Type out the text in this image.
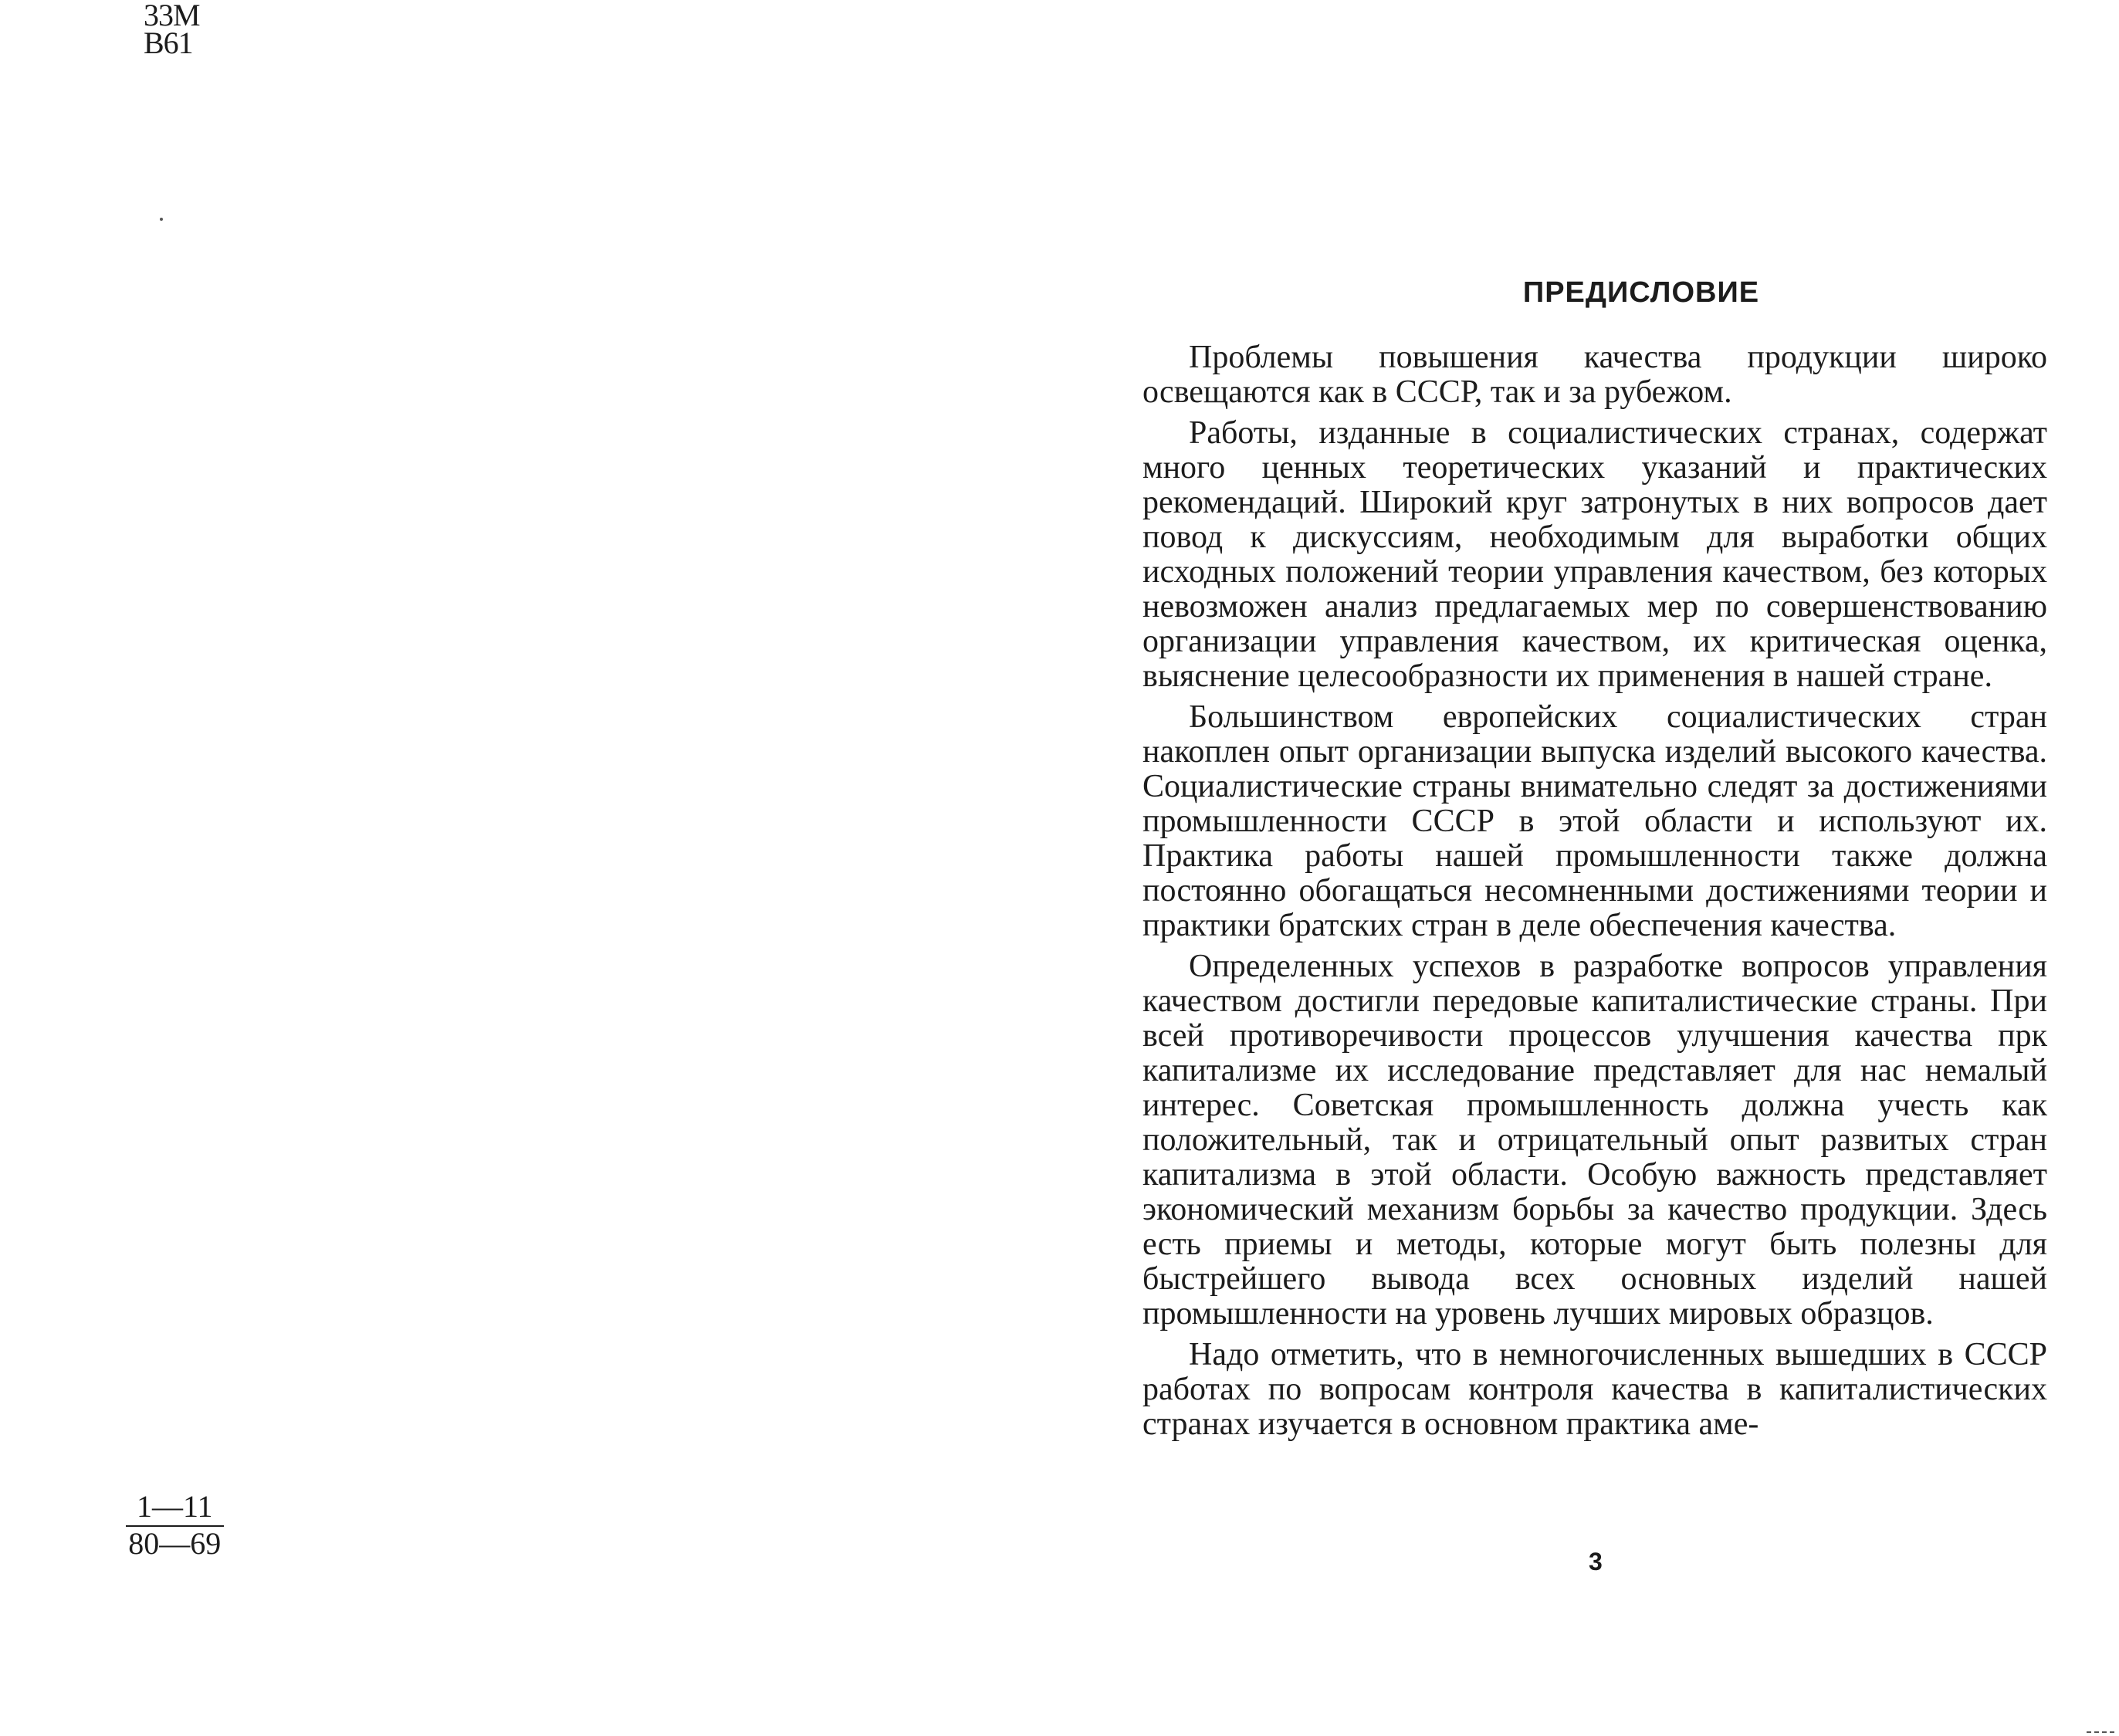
33M
B61
$\frac{1—11}{80—69}$
ПРЕДИСЛОВИЕ

Проблемы повышения качества продукции широко освещаются как в СССР, так и за рубежом.

Работы, изданные в социалистических странах, содержат много ценных теоретических указаний и практических рекомендаций. Широкий круг затронутых в них вопросов дает повод к дискуссиям, необходимым для выработки общих исходных положений теории управления качеством, без которых невозможен анализ предлагаемых мер по совершенствованию организации управления качеством, их критическая оценка, выяснение целесообразности их применения в нашей стране.

Большинством европейских социалистических стран накоплен опыт организации выпуска изделий высокого качества. Социалистические страны внимательно следят за достижениями промышленности СССР в этой области и используют их. Практика работы нашей промышленности также должна постоянно обогащаться несомненными достижениями теории и практики братских стран в деле обеспечения качества.

Определенных успехов в разработке вопросов управления качеством достигли передовые капиталистические страны. При всей противоречивости процессов улучшения качества прк капитализме их исследование представляет для нас немалый интерес. Советская промышленность должна учесть как положительный, так и отрицательный опыт развитых стран капитализма в этой области. Особую важность представляет экономический механизм борьбы за качество продукции. Здесь есть приемы и методы, которые могут быть полезны для быстрейшего вывода всех основных изделий нашей промышленности на уровень лучших мировых образцов.

Надо отметить, что в немногочисленных вышедших в СССР работах по вопросам контроля качества в капиталистических странах изучается в основном практика аме-

3
